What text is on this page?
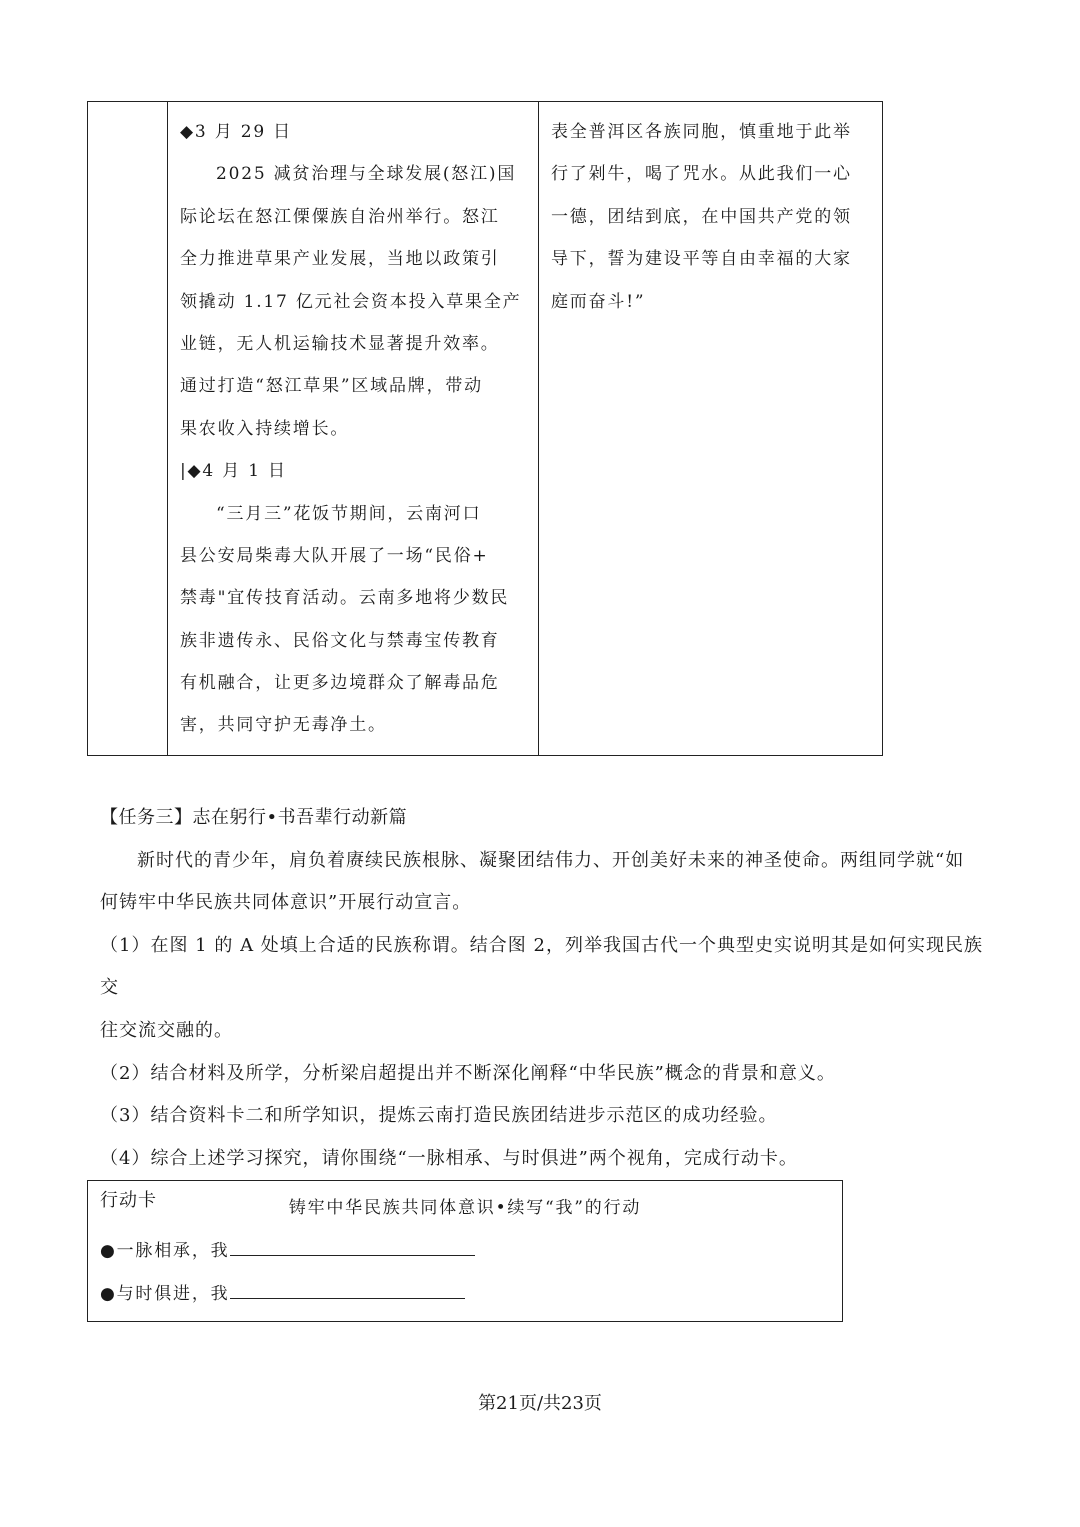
◆3 月 29 日
2025 减贫治理与全球发展(怒江)国
际论坛在怒江傈僳族自治州举行。怒江
全力推进草果产业发展，当地以政策引
领撬动 1.17 亿元社会资本投入草果全产
业链，无人机运输技术显著提升效率。
通过打造“怒江草果”区域品牌，带动
果农收入持续增长。
|◆4 月 1 日
“三月三”花饭节期间，云南河口
县公安局柴毒大队开展了一场“民俗+
禁毒"宜传技育活动。云南多地将少数民
族非遗传永、民俗文化与禁毒宝传教育
有机融合，让更多边境群众了解毒品危
害，共同守护无毒净土。

表全普洱区各族同胞，慎重地于此举
行了剁牛，喝了咒水。从此我们一心
一德，团结到底，在中国共产党的领
导下，誓为建设平等自由幸福的大家
庭而奋斗!”
【任务三】志在躬行•书吾辈行动新篇
新时代的青少年，肩负着赓续民族根脉、凝聚团结伟力、开创美好未来的神圣使命。两组同学就“如
何铸牢中华民族共同体意识”开展行动宣言。
（1）在图 1 的 A 处填上合适的民族称谓。结合图 2，列举我国古代一个典型史实说明其是如何实现民族交
往交流交融的。
（2）结合材料及所学，分析梁启超提出并不断深化阐释“中华民族”概念的背景和意义。
（3）结合资料卡二和所学知识，提炼云南打造民族团结进步示范区的成功经验。
（4）综合上述学习探究，请你围绕“一脉相承、与时俱进”两个视角，完成行动卡。
行动卡	铸牢中华民族共同体意识•续写“我”的行动
●一脉相承，我
●与时俱进，我
第21页/共23页
